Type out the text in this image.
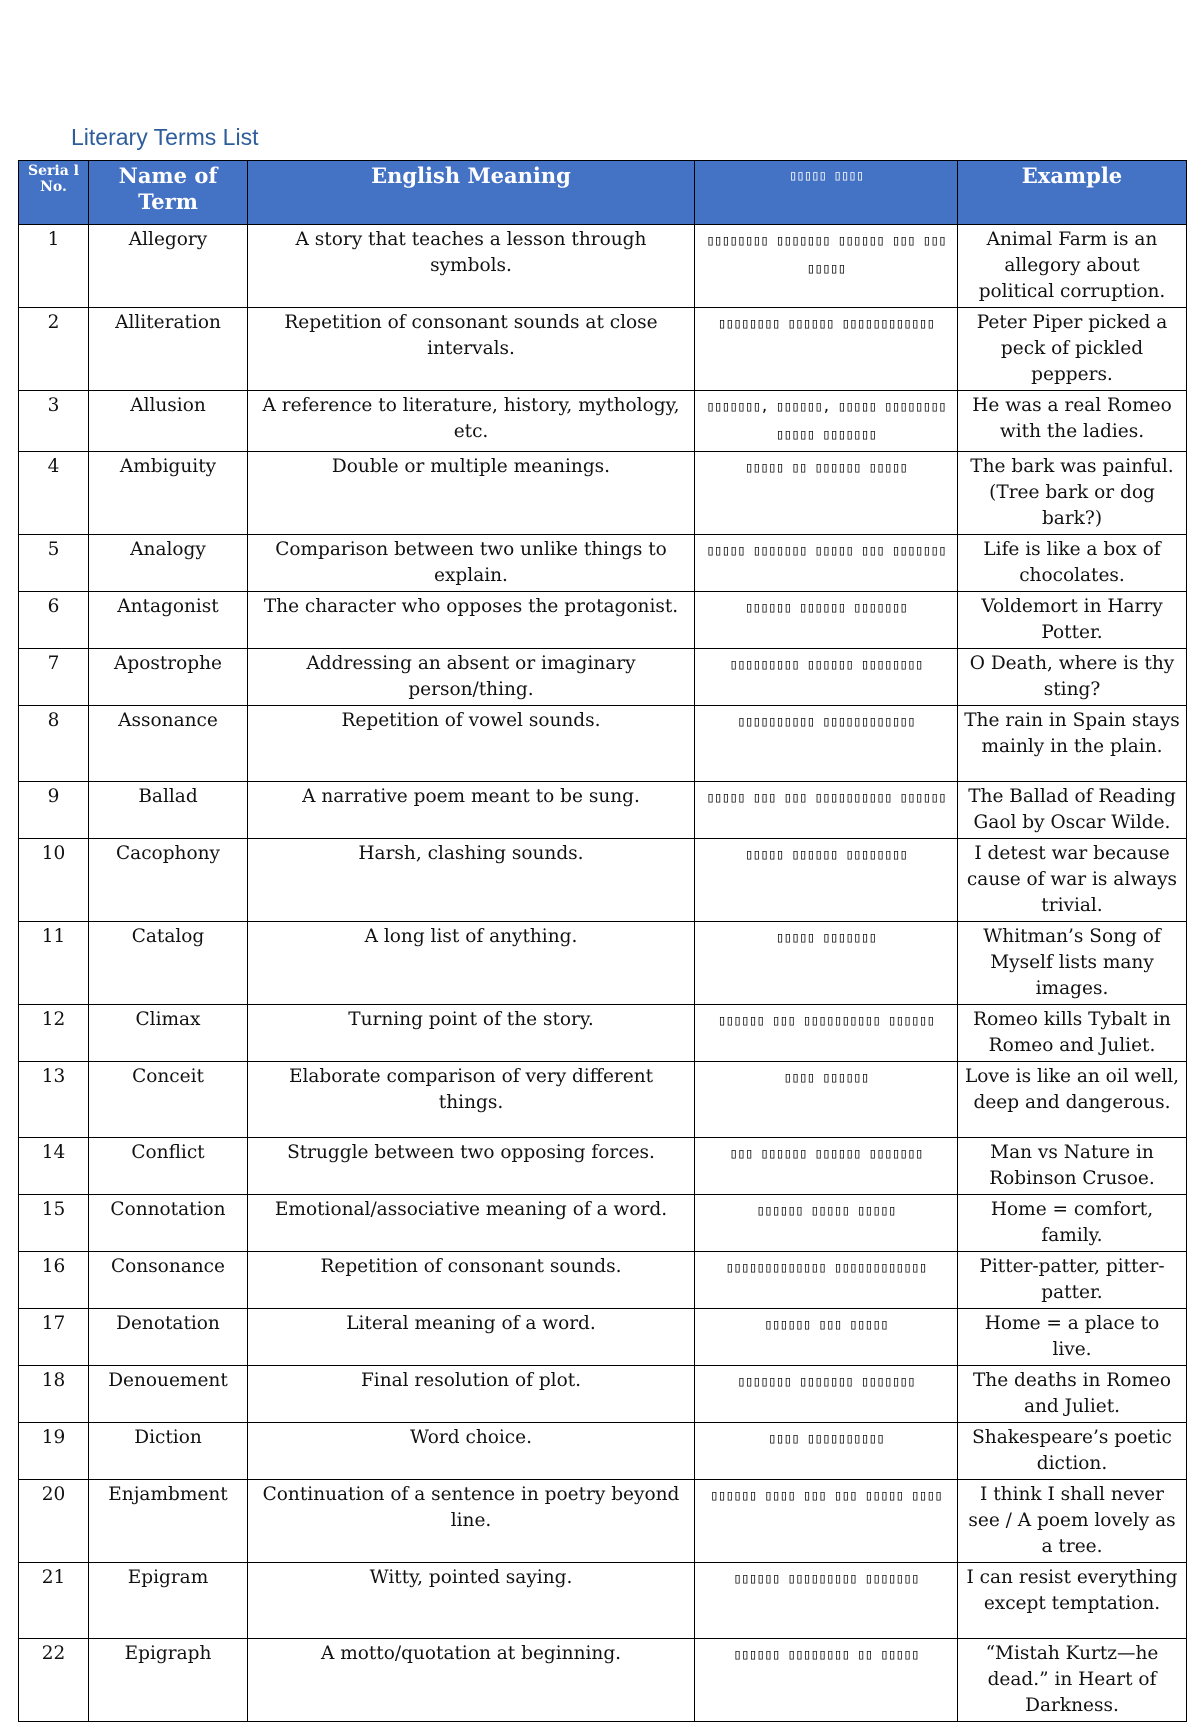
Literary Terms List
Seria l No.	Name of Term	English Meaning	▯▯▯▯▯ ▯▯▯▯	Example
1	Allegory	A story that teaches a lesson through symbols.	▯▯▯▯▯▯▯▯ ▯▯▯▯▯▯▯ ▯▯▯▯▯▯ ▯▯▯ ▯▯▯ ▯▯▯▯▯	Animal Farm is an allegory about political corruption.
2	Alliteration	Repetition of consonant sounds at close intervals.	▯▯▯▯▯▯▯▯ ▯▯▯▯▯▯ ▯▯▯▯▯▯▯▯▯▯▯▯	Peter Piper picked a peck of pickled peppers.
3	Allusion	A reference to literature, history, mythology, etc.	▯▯▯▯▯▯▯, ▯▯▯▯▯▯, ▯▯▯▯▯ ▯▯▯▯▯▯▯▯ ▯▯▯▯▯ ▯▯▯▯▯▯▯	He was a real Romeo with the ladies.
4	Ambiguity	Double or multiple meanings.	▯▯▯▯▯ ▯▯ ▯▯▯▯▯▯ ▯▯▯▯▯	The bark was painful. (Tree bark or dog bark?)
5	Analogy	Comparison between two unlike things to explain.	▯▯▯▯▯ ▯▯▯▯▯▯▯ ▯▯▯▯▯ ▯▯▯ ▯▯▯▯▯▯▯	Life is like a box of chocolates.
6	Antagonist	The character who opposes the protagonist.	▯▯▯▯▯▯ ▯▯▯▯▯▯ ▯▯▯▯▯▯▯	Voldemort in Harry Potter.
7	Apostrophe	Addressing an absent or imaginary person/thing.	▯▯▯▯▯▯▯▯▯ ▯▯▯▯▯▯ ▯▯▯▯▯▯▯▯	O Death, where is thy sting?
8	Assonance	Repetition of vowel sounds.	▯▯▯▯▯▯▯▯▯▯ ▯▯▯▯▯▯▯▯▯▯▯▯	The rain in Spain stays mainly in the plain.
9	Ballad	A narrative poem meant to be sung.	▯▯▯▯▯ ▯▯▯ ▯▯▯ ▯▯▯▯▯▯▯▯▯▯ ▯▯▯▯▯▯	The Ballad of Reading Gaol by Oscar Wilde.
10	Cacophony	Harsh, clashing sounds.	▯▯▯▯▯ ▯▯▯▯▯▯ ▯▯▯▯▯▯▯▯	I detest war because cause of war is always trivial.
11	Catalog	A long list of anything.	▯▯▯▯▯ ▯▯▯▯▯▯▯	Whitman’s Song of Myself lists many images.
12	Climax	Turning point of the story.	▯▯▯▯▯▯ ▯▯▯ ▯▯▯▯▯▯▯▯▯▯ ▯▯▯▯▯▯	Romeo kills Tybalt in Romeo and Juliet.
13	Conceit	Elaborate comparison of very different things.	▯▯▯▯ ▯▯▯▯▯▯	Love is like an oil well, deep and dangerous.
14	Conflict	Struggle between two opposing forces.	▯▯▯ ▯▯▯▯▯▯ ▯▯▯▯▯▯ ▯▯▯▯▯▯▯	Man vs Nature in Robinson Crusoe.
15	Connotation	Emotional/associative meaning of a word.	▯▯▯▯▯▯ ▯▯▯▯▯ ▯▯▯▯▯	Home = comfort, family.
16	Consonance	Repetition of consonant sounds.	▯▯▯▯▯▯▯▯▯▯▯▯▯ ▯▯▯▯▯▯▯▯▯▯▯▯	Pitter-patter, pitter-patter.
17	Denotation	Literal meaning of a word.	▯▯▯▯▯▯ ▯▯▯ ▯▯▯▯▯	Home = a place to live.
18	Denouement	Final resolution of plot.	▯▯▯▯▯▯▯ ▯▯▯▯▯▯▯ ▯▯▯▯▯▯▯	The deaths in Romeo and Juliet.
19	Diction	Word choice.	▯▯▯▯ ▯▯▯▯▯▯▯▯▯▯	Shakespeare’s poetic diction.
20	Enjambment	Continuation of a sentence in poetry beyond line.	▯▯▯▯▯▯ ▯▯▯▯ ▯▯▯ ▯▯▯ ▯▯▯▯▯ ▯▯▯▯	I think I shall never see / A poem lovely as a tree.
21	Epigram	Witty, pointed saying.	▯▯▯▯▯▯ ▯▯▯▯▯▯▯▯▯ ▯▯▯▯▯▯▯	I can resist everything except temptation.
22	Epigraph	A motto/quotation at beginning.	▯▯▯▯▯▯ ▯▯▯▯▯▯▯▯ ▯▯ ▯▯▯▯▯	“Mistah Kurtz—he dead.” in Heart of Darkness.
